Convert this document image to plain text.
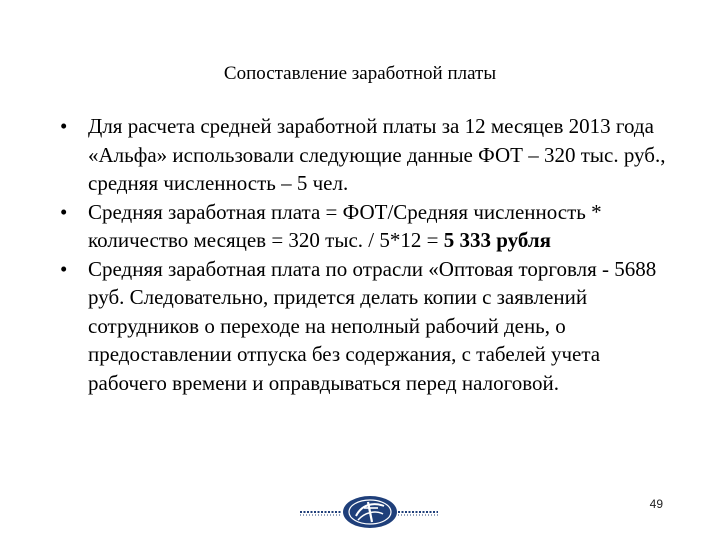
Сопоставление заработной платы
• Для расчета средней заработной платы за 12 месяцев 2013 года «Альфа» использовали следующие данные ФОТ – 320 тыс. руб., средняя численность – 5 чел.
• Средняя заработная плата = ФОТ/Средняя численность * количество месяцев = 320 тыс. / 5*12 = 5 333 рубля
• Средняя заработная плата по отрасли «Оптовая торговля - 5688 руб. Следовательно, придется делать копии с заявлений сотрудников о переходе на неполный рабочий день, о предоставлении отпуска без содержания, с табелей учета рабочего времени и оправдываться перед налоговой.
49
